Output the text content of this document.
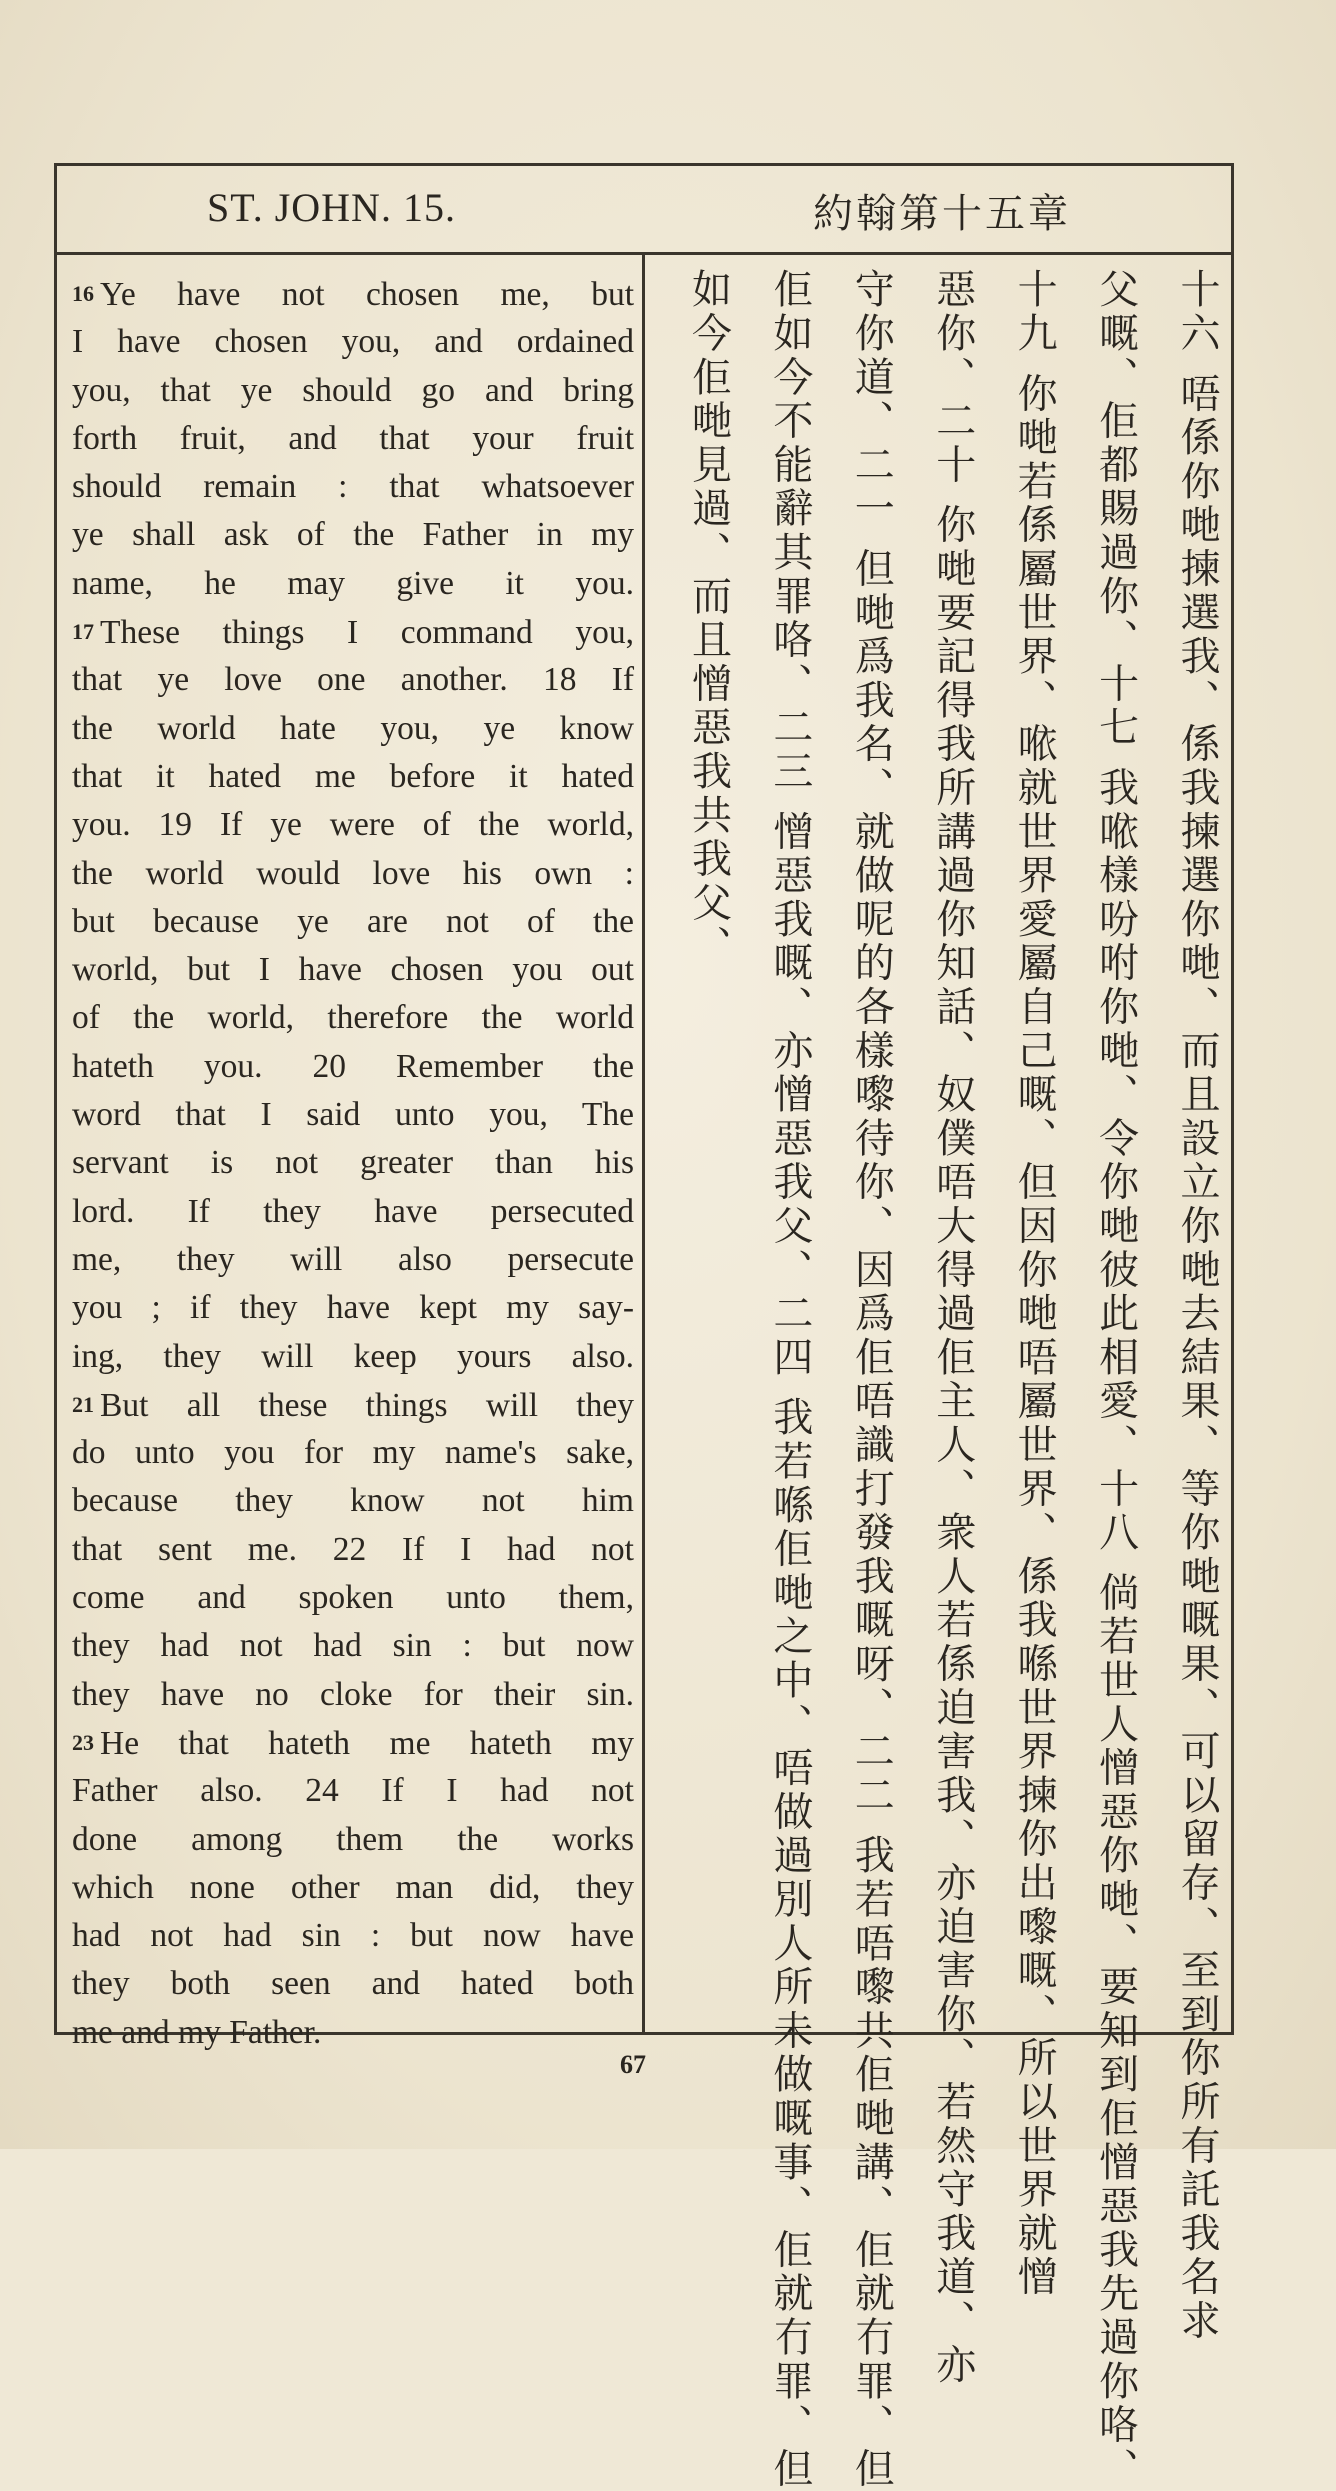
ST. JOHN. 15.	約翰第十五章
16 Ye have not chosen me, but
I have chosen you, and ordained
you, that ye should go and bring
forth fruit, and that your fruit
should remain : that whatsoever
ye shall ask of the Father in my
name, he may give it you.
17 These things I command you,
that ye love one another. 18 If
the world hate you, ye know
that it hated me before it hated
you. 19 If ye were of the world,
the world would love his own :
but because ye are not of the
world, but I have chosen you out
of the world, therefore the world
hateth you. 20 Remember the
word that I said unto you, The
servant is not greater than his
lord. If they have persecuted
me, they will also persecute
you ; if they have kept my say-
ing, they will keep yours also.
21 But all these things will they
do unto you for my name's sake,
because they know not him
that sent me. 22 If I had not
come and spoken unto them,
they had not had sin : but now
they have no cloke for their sin.
23 He that hateth me hateth my
Father also. 24 If I had not
done among them the works
which none other man did, they
had not had sin : but now have
they both seen and hated both
me and my Father.	十六 唔係你哋揀選我、係我揀選你哋、而且設立你哋去結果、等你哋嘅果、可以留存、至到你所有託我名求
父嘅、佢都賜過你、十七 我𠵱樣吩咐你哋、令你哋彼此相愛、十八 倘若世人憎惡你哋、要知到佢憎惡我先過你咯、
十九 你哋若係屬世界、𠵱就世界愛屬自己嘅、但因你哋唔屬世界、係我喺世界揀你出嚟嘅、所以世界就憎
惡你、二十 你哋要記得我所講過你知話、奴僕唔大得過佢主人、衆人若係迫害我、亦迫害你、若然守我道、亦
守你道、二一 但哋爲我名、就做呢的各樣嚟待你、因爲佢唔識打發我嘅呀、二二 我若唔嚟共佢哋講、佢就冇罪、但
佢如今不能辭其罪咯、二三 憎惡我嘅、亦憎惡我父、二四 我若喺佢哋之中、唔做過別人所未做嘅事、佢就冇罪、但
如今佢哋見過、而且憎惡我共我父、
67
